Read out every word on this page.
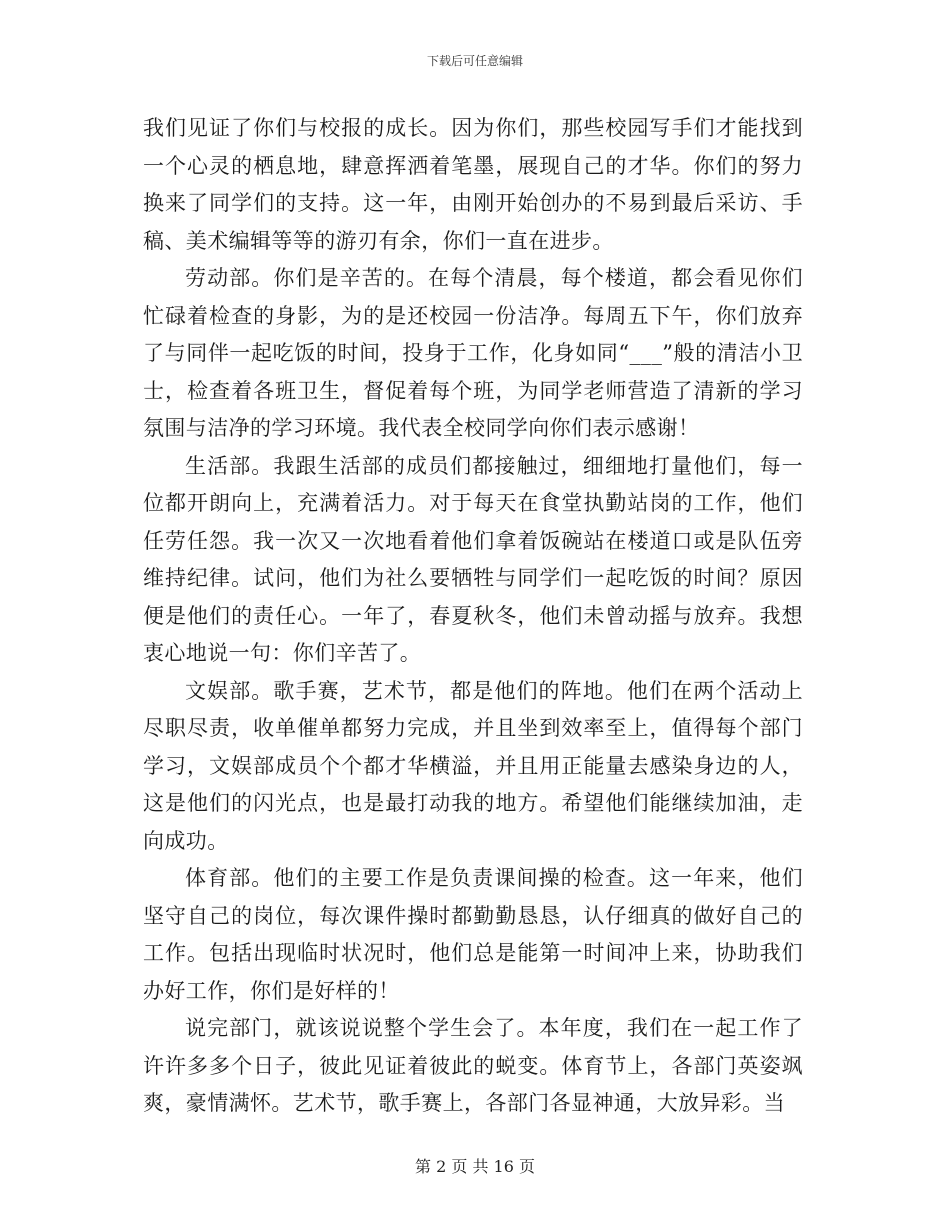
下载后可任意编辑

我们见证了你们与校报的成长。因为你们，那些校园写手们才能找到一个心灵的栖息地，肆意挥洒着笔墨，展现自己的才华。你们的努力换来了同学们的支持。这一年，由刚开始创办的不易到最后采访、手稿、美术编辑等等的游刃有余，你们一直在进步。

劳动部。你们是辛苦的。在每个清晨，每个楼道，都会看见你们忙碌着检查的身影，为的是还校园一份洁净。每周五下午，你们放弃了与同伴一起吃饭的时间，投身于工作，化身如同“___”般的清洁小卫士，检查着各班卫生，督促着每个班，为同学老师营造了清新的学习氛围与洁净的学习环境。我代表全校同学向你们表示感谢！

生活部。我跟生活部的成员们都接触过，细细地打量他们，每一位都开朗向上，充满着活力。对于每天在食堂执勤站岗的工作，他们任劳任怨。我一次又一次地看着他们拿着饭碗站在楼道口或是队伍旁维持纪律。试问，他们为社么要牺牲与同学们一起吃饭的时间？原因便是他们的责任心。一年了，春夏秋冬，他们未曾动摇与放弃。我想衷心地说一句：你们辛苦了。

文娱部。歌手赛，艺术节，都是他们的阵地。他们在两个活动上尽职尽责，收单催单都努力完成，并且坐到效率至上，值得每个部门学习，文娱部成员个个都才华横溢，并且用正能量去感染身边的人，这是他们的闪光点，也是最打动我的地方。希望他们能继续加油，走向成功。

体育部。他们的主要工作是负责课间操的检查。这一年来，他们坚守自己的岗位，每次课件操时都勤勤恳恳，认仔细真的做好自己的工作。包括出现临时状况时，他们总是能第一时间冲上来，协助我们办好工作，你们是好样的！

说完部门，就该说说整个学生会了。本年度，我们在一起工作了许许多多个日子，彼此见证着彼此的蜕变。体育节上，各部门英姿飒爽，豪情满怀。艺术节，歌手赛上，各部门各显神通，大放异彩。当

第 2 页 共 16 页
